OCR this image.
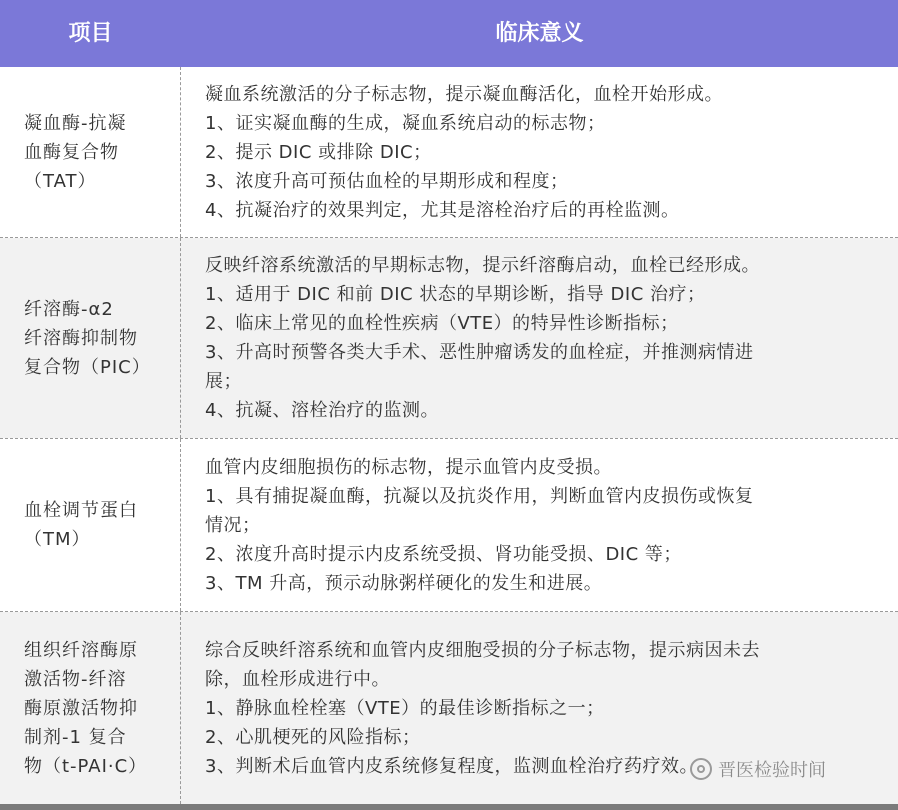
项目	临床意义
凝血酶-抗凝
血酶复合物
（TAT）
凝血系统激活的分子标志物，提示凝血酶活化，血栓开始形成。
1、证实凝血酶的生成，凝血系统启动的标志物；
2、提示 DIC 或排除 DIC；
3、浓度升高可预估血栓的早期形成和程度；
4、抗凝治疗的效果判定，尤其是溶栓治疗后的再栓监测。
纤溶酶-α2
纤溶酶抑制物
复合物（PIC）
反映纤溶系统激活的早期标志物，提示纤溶酶启动，血栓已经形成。
1、适用于 DIC 和前 DIC 状态的早期诊断，指导 DIC 治疗；
2、临床上常见的血栓性疾病（VTE）的特异性诊断指标；
3、升高时预警各类大手术、恶性肿瘤诱发的血栓症，并推测病情进
展；
4、抗凝、溶栓治疗的监测。
血栓调节蛋白
（TM）
血管内皮细胞损伤的标志物，提示血管内皮受损。
1、具有捕捉凝血酶，抗凝以及抗炎作用，判断血管内皮损伤或恢复
情况；
2、浓度升高时提示内皮系统受损、肾功能受损、DIC 等；
3、TM 升高，预示动脉粥样硬化的发生和进展。
组织纤溶酶原
激活物-纤溶
酶原激活物抑
制剂-1 复合
物（t-PAI·C）
综合反映纤溶系统和血管内皮细胞受损的分子标志物，提示病因未去
除，血栓形成进行中。
1、静脉血栓栓塞（VTE）的最佳诊断指标之一；
2、心肌梗死的风险指标；
3、判断术后血管内皮系统修复程度，监测血栓治疗药疗效。	晋医检验时间
